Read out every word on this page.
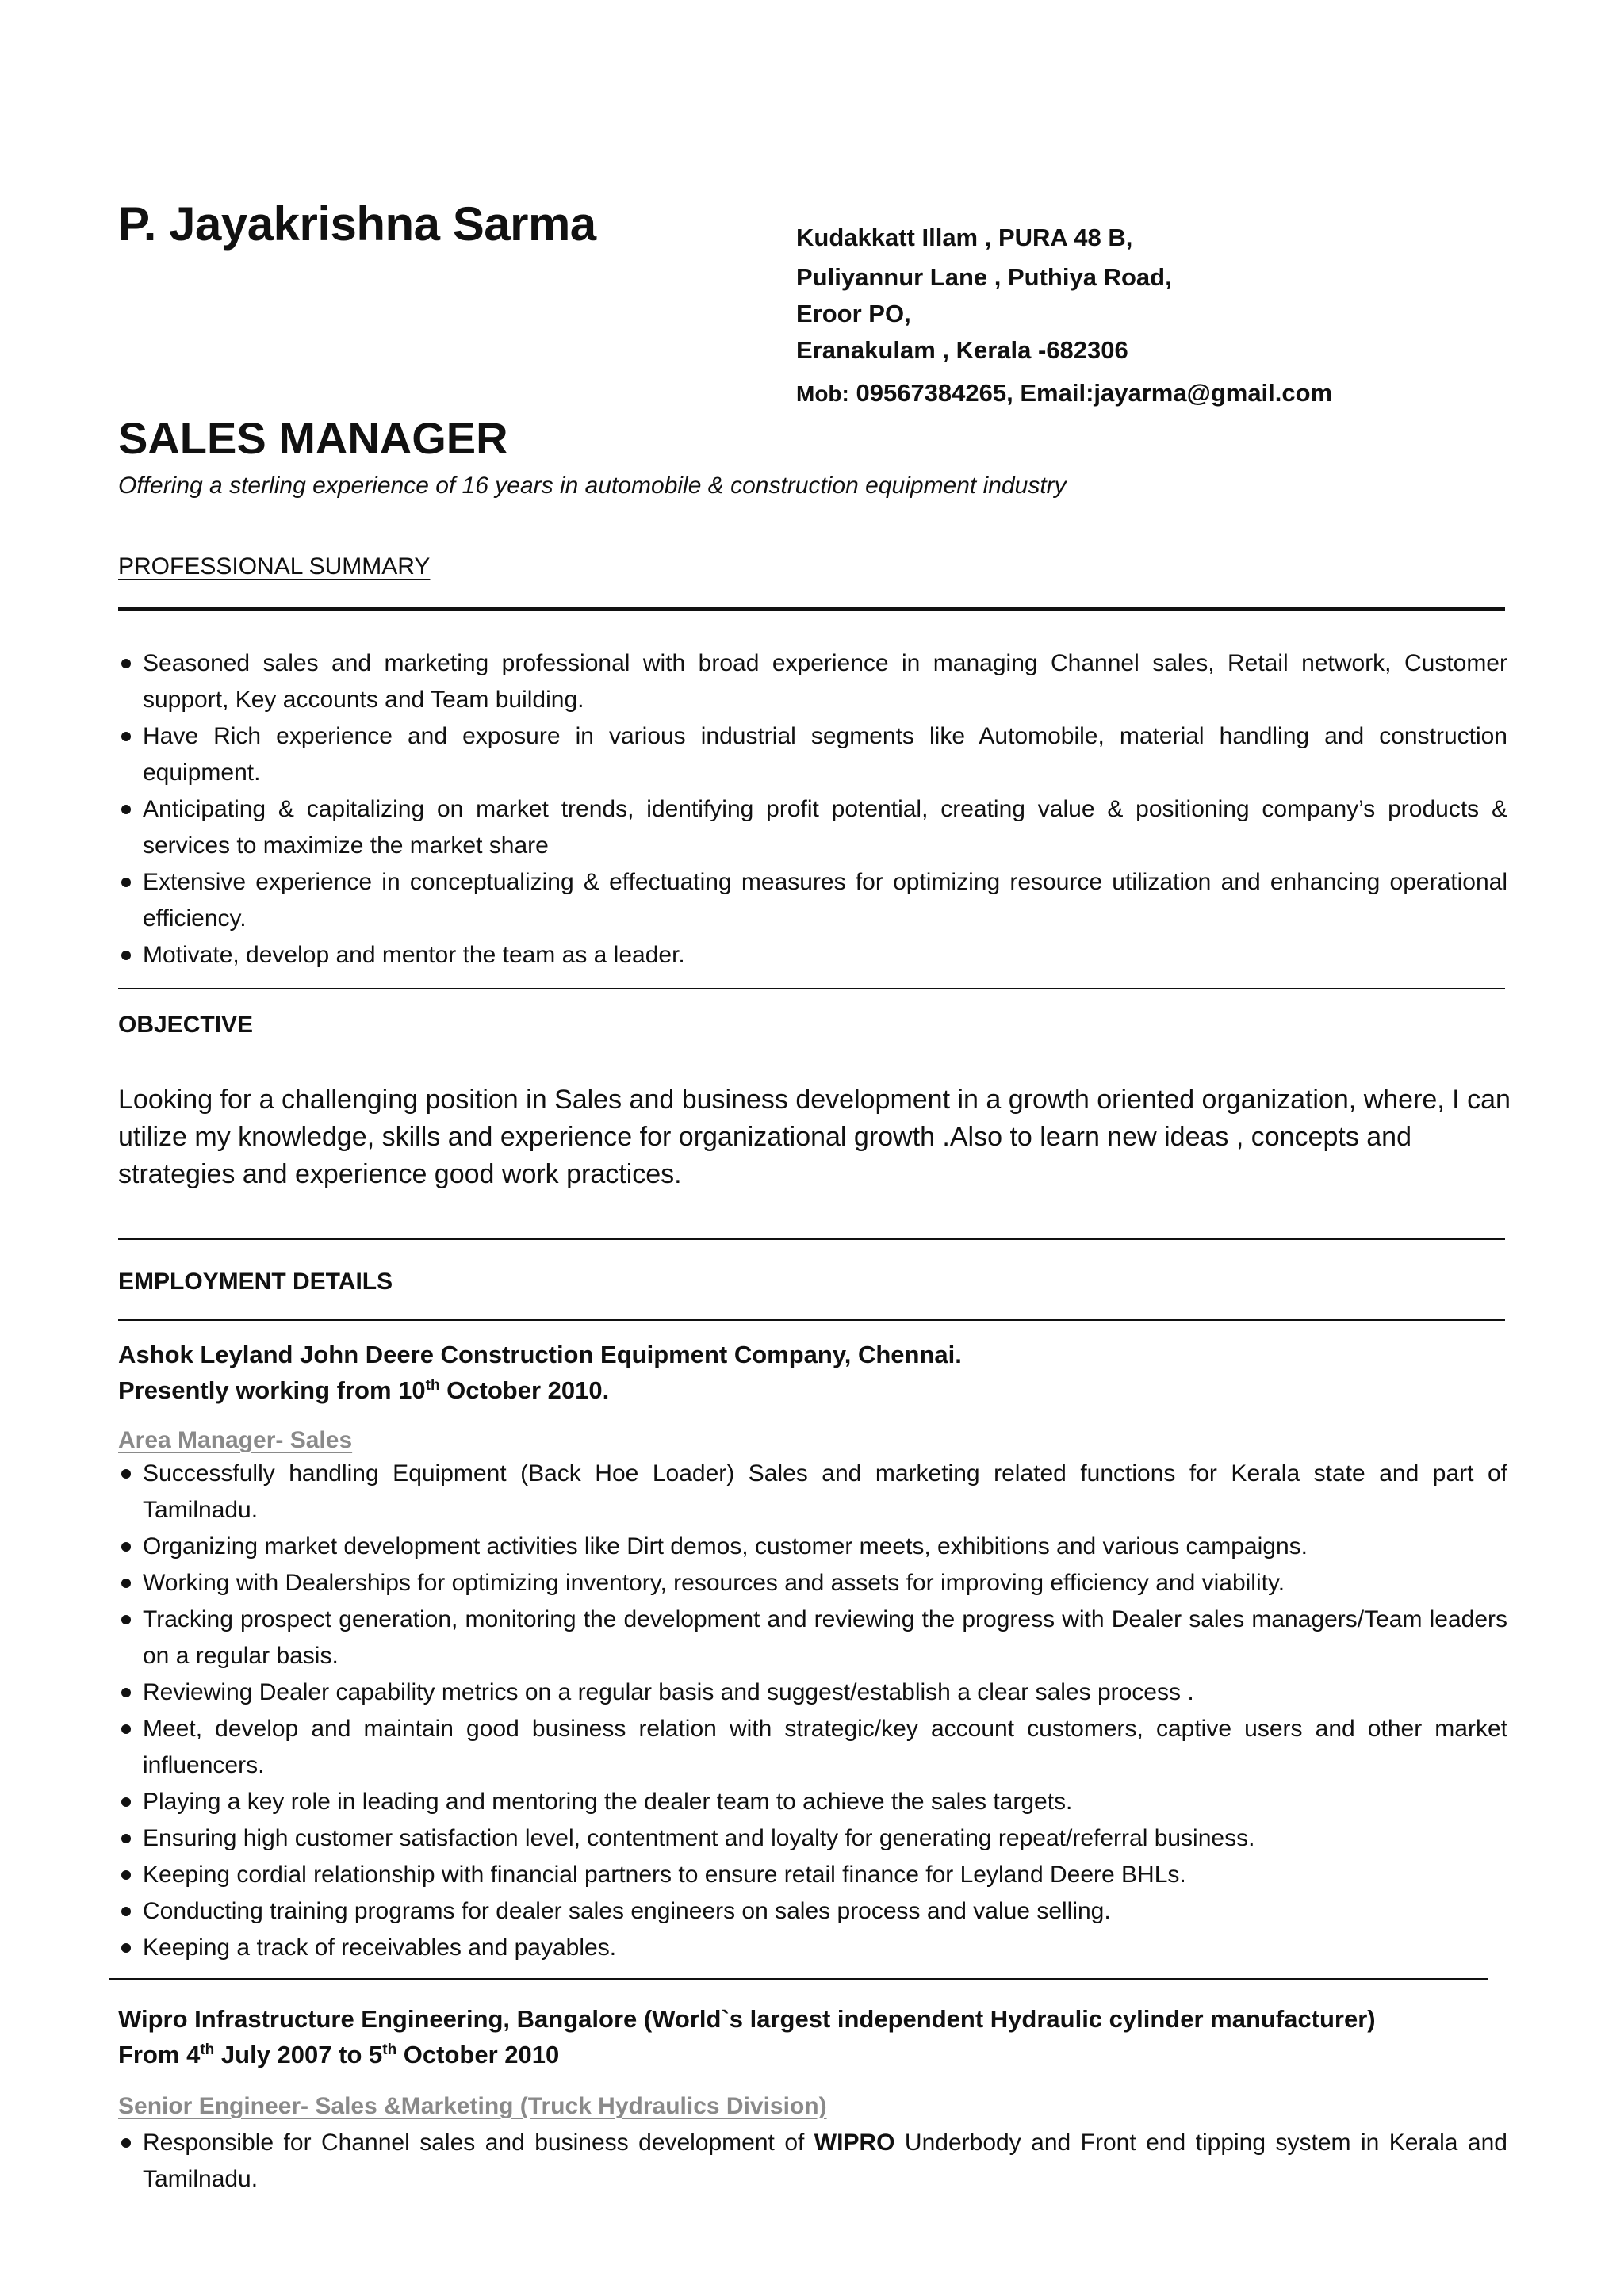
P. Jayakrishna Sarma	Kudakkatt Illam , PURA 48 B,
Puliyannur Lane , Puthiya Road,
Eroor PO,
Eranakulam , Kerala -682306
Mob: 09567384265, Email:jayarma@gmail.com
SALES MANAGER
Offering a sterling experience of 16 years in automobile & construction equipment industry
PROFESSIONAL SUMMARY
Seasoned sales and marketing professional with broad experience in managing Channel sales, Retail network, Customer support, Key accounts and Team building.
Have Rich experience and exposure in various industrial segments like Automobile, material handling and construction equipment.
Anticipating & capitalizing on market trends, identifying profit potential, creating value & positioning company’s products & services to maximize the market share
Extensive experience in conceptualizing & effectuating measures for optimizing resource utilization and enhancing operational efficiency.
Motivate, develop and mentor the team as a leader.
OBJECTIVE
Looking for a challenging position in Sales and business development in a growth oriented organization, where, I can utilize my knowledge, skills and experience for organizational growth .Also to learn new ideas , concepts and strategies and experience good work practices.
EMPLOYMENT DETAILS
Ashok Leyland John Deere Construction Equipment Company, Chennai.
Presently working from 10th October 2010.
Area Manager- Sales
Successfully handling Equipment (Back Hoe Loader) Sales and marketing related functions for Kerala state and part of Tamilnadu.
Organizing market development activities like Dirt demos, customer meets, exhibitions and various campaigns.
Working with Dealerships for optimizing inventory, resources and assets for improving efficiency and viability.
Tracking prospect generation, monitoring the development and reviewing the progress with Dealer sales managers/Team leaders on a regular basis.
Reviewing Dealer capability metrics on a regular basis and suggest/establish a clear sales process .
Meet, develop and maintain good business relation with strategic/key account customers, captive users and other market influencers.
Playing a key role in leading and mentoring the dealer team to achieve the sales targets.
Ensuring high customer satisfaction level, contentment and loyalty for generating repeat/referral business.
Keeping cordial relationship with financial partners to ensure retail finance for Leyland Deere BHLs.
Conducting training programs for dealer sales engineers on sales process and value selling.
Keeping a track of receivables and payables.
Wipro Infrastructure Engineering, Bangalore (World`s largest independent Hydraulic cylinder manufacturer)
From 4th July 2007 to 5th October 2010
Senior Engineer- Sales &Marketing (Truck Hydraulics Division)
Responsible for Channel sales and business development of WIPRO Underbody and Front end tipping system in Kerala and Tamilnadu.
